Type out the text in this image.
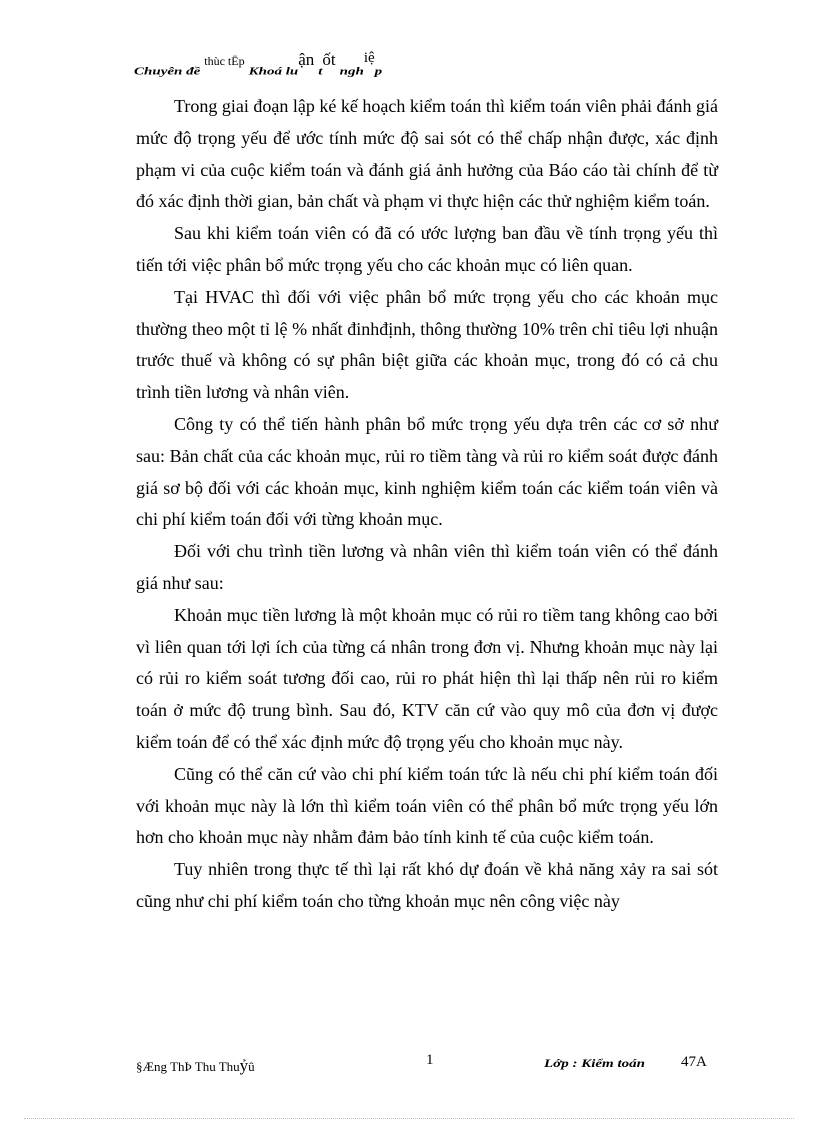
Chuyên đề thùc tËp Khoá luận tốt nghiệp

Trong giai đoạn lập ké kế hoạch kiểm toán thì kiểm toán viên phải đánh giá mức độ trọng yếu để ước tính mức độ sai sót có thể chấp nhận được, xác định phạm vi của cuộc kiểm toán và đánh giá ảnh hưởng của Báo cáo tài chính để từ đó xác định thời gian, bản chất và phạm vi thực hiện các thử nghiệm kiểm toán.

Sau khi kiểm toán viên có đã có ước lượng ban đầu về tính trọng yếu thì tiến tới việc phân bổ mức trọng yếu cho các khoản mục có liên quan.

Tại HVAC thì đối với việc phân bổ mức trọng yếu cho các khoản mục thường theo một tỉ lệ % nhất đinhđịnh, thông thường 10% trên chỉ tiêu lợi nhuận trước thuế và không có sự phân biệt giữa các khoản mục, trong đó có cả chu trình tiền lương và nhân viên.

Công ty có thể tiến hành phân bổ mức trọng yếu dựa trên các cơ sở như sau: Bản chất của các khoản mục, rủi ro tiềm tàng và rủi ro kiểm soát được đánh giá sơ bộ đối với các khoản mục, kinh nghiệm kiểm toán các kiểm toán viên và chi phí kiểm toán đối với từng khoản mục.

Đối với chu trình tiền lương và nhân viên thì kiểm toán viên có thể đánh giá như sau:

Khoản mục tiền lương là một khoản mục có rủi ro tiềm tang không cao bởi vì liên quan tới lợi ích của từng cá nhân trong đơn vị. Nhưng khoản mục này lại có rủi ro kiểm soát tương đối cao, rủi ro phát hiện thì lại thấp nên rủi ro kiểm toán ở mức độ trung bình. Sau đó, KTV căn cứ vào quy mô của đơn vị được kiểm toán để có thể xác định mức độ trọng yếu cho khoản mục này.

Cũng có thể căn cứ vào chi phí kiểm toán tức là nếu chi phí kiểm toán đối với khoản mục này là lớn thì kiểm toán viên có thể phân bổ mức trọng yếu lớn hơn cho khoản mục này nhằm đảm bảo tính kinh tế của cuộc kiểm toán.

Tuy nhiên trong thực tế thì lại rất khó dự đoán về khả năng xảy ra sai sót cũng như chi phí kiểm toán cho từng khoản mục nên công việc này

§Æng ThÞ Thu Thuỷû	1	Lớp : Kiểm toán 47A
